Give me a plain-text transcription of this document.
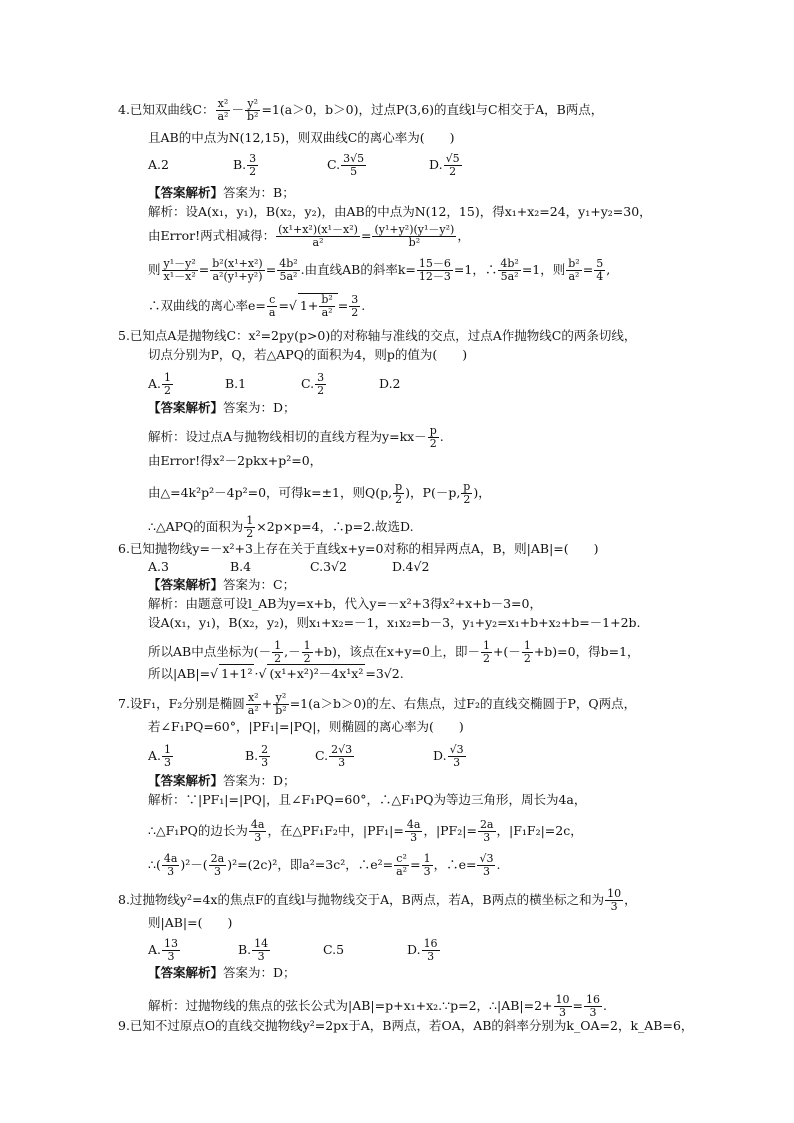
4.已知双曲线C： $\frac{\text{x²}}{\text{a²}} - \frac{\text{y²}}{\text{b²}} =1(a>0$，b＞0)，过点P(3,6)的直线l与C相交于A，B两点，
且AB的中点为N(12,15)，则双曲线C的离心率为(　　)
A.2	B. $\frac{3}{2}$	C. $\frac{3√5}{5}$	D. $\frac{√5}{2}$
【答案解析】答案为：B；
解析：设A(x₁，y₁)，B(x₂，y₂)，由AB的中点为N(12，15)，得x₁+x₂=24，y₁+y₂=30，
由Error!两式相减得： $\frac{\text{(x¹+x²)(x¹－x²)}}{\text{a²}} = \frac{\text{(y¹+y²)(y¹－y²)}}{\text{b²}}$ ，
则 $\frac{\text{y¹－y²}}{\text{x¹－x²}} = \frac{\text{b²(x¹+x²)}}{\text{a²(y¹+y²)}} = \frac{\text{4b²}}{\text{5a²}}$ .由直线AB的斜率$k= \frac{15-6}{12-3} =1$，∴ $\frac{\text{4b²}}{\text{5a²}} =1$，则 $\frac{\text{b²}}{\text{a²}} = \frac{5}{4}$ ,
∴双曲线的离心率$e= \frac{c}{a}$ = √ $1+ \frac{\text{b²}}{\text{a²}} = \frac{3}{2}$ .
5.已知点A是抛物线C：x²=2py(p>0)的对称轴与准线的交点，过点A作抛物线C的两条切线，
切点分别为P，Q，若△APQ的面积为4，则p的值为(　　)
A. $\frac{1}{2}$	B.1	C. $\frac{3}{2}$	D.2
【答案解析】答案为：D；
解析：设过点A与抛物线相切的直线方程为$y=kx- \frac{p}{2}$ .
由Error!得x²－2pkx+p²=0，
由△=4k²p²－4p²=0，可得k=±1，则Q(p, $\frac{p}{2}$ )，P(－p, $\frac{p}{2}$ )，
∴△APQ的面积为 $\frac{1}{2} \times 2p\times p=4$，∴p=2.故选D.
6.已知抛物线y=－x²+3上存在关于直线x+y=0对称的相异两点A，B，则|AB|=(　　)
A.3	B.4	C.3√2	D.4√2
【答案解析】答案为：C；
解析：由题意可设l_AB为y=x+b，代入y=－x²+3得x²+x+b－3=0，
设A(x₁，y₁)，B(x₂，y₂)，则x₁+x₂=－1，x₁x₂=b－3，y₁+y₂=x₁+b+x₂+b=－1+2b.
所以AB中点坐标为(－ $\frac{1}{2}$ ,－ $\frac{1}{2} +b$)，该点在x+y=0上，即－ $\frac{1}{2}$ +(－ $\frac{1}{2} +b)=0$，得b=1，
所以|AB|= √ 1+1² · √ (x¹+x²)²－4x¹x² =3√2.
7.设F₁，F₂分别是椭圆 $\frac{\text{x²}}{\text{a²}} + \frac{\text{y²}}{\text{b²}} =1(a>b>0)$的左、右焦点，过F₂的直线交椭圆于P，Q两点，
若∠F₁PQ=60°，|PF₁|=|PQ|，则椭圆的离心率为(　　)
A. $\frac{1}{3}$	B. $\frac{2}{3}$	C. $\frac{2√3}{3}$	D. $\frac{√3}{3}$
【答案解析】答案为：D；
解析：∵|PF₁|=|PQ|，且∠F₁PQ=60°，∴△F₁PQ为等边三角形，周长为4a，
∴△F₁PQ的边长为 $\frac{4a}{3}$ ，在△PF₁F₂中，$|PF_1|= \frac{4a}{3}$ ，$|PF_2|= \frac{2a}{3}$ ，|F₁F₂|=2c，
∴( $\frac{4a}{3} )^2-( \frac{2a}{3} )^2=(2c)^2$，即a²=3c²，∴e²= $\frac{\text{c²}}{\text{a²}} = \frac{1}{3}$ ，∴e= $\frac{√3}{3}$ .
8.过抛物线y²=4x的焦点F的直线l与抛物线交于A，B两点，若A，B两点的横坐标之和为 $\frac{10}{3}$ ，
则|AB|=(　　)
A. $\frac{13}{3}$	B. $\frac{14}{3}$	C.5	D. $\frac{16}{3}$
【答案解析】答案为：D；
解析：过抛物线的焦点的弦长公式为|AB|=p+x₁+x₂.∵p=2，∴|AB|=2+ $\frac{10}{3} = \frac{16}{3}$ .
9.已知不过原点O的直线交抛物线y²=2px于A，B两点，若OA，AB的斜率分别为k_OA=2，k_AB=6，
